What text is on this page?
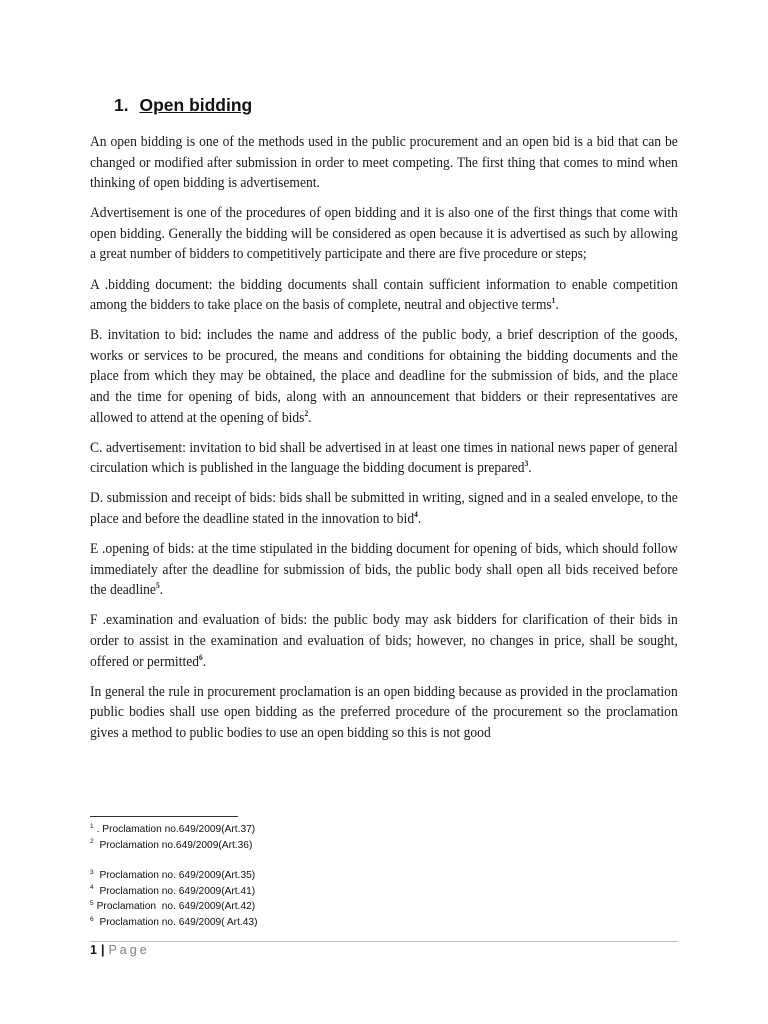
1. Open bidding

An open bidding is one of the methods used in the public procurement and an open bid is a bid that can be changed or modified after submission in order to meet competing. The first thing that comes to mind when thinking of open bidding is advertisement.

Advertisement is one of the procedures of open bidding and it is also one of the first things that come with open bidding. Generally the bidding will be considered as open because it is advertised as such by allowing a great number of bidders to competitively participate and there are five procedure or steps;

A .bidding document: the bidding documents shall contain sufficient information to enable competition among the bidders to take place on the basis of complete, neutral and objective terms$^1$.

B. invitation to bid: includes the name and address of the public body, a brief description of the goods, works or services to be procured, the means and conditions for obtaining the bidding documents and the place from which they may be obtained, the place and deadline for the submission of bids, and the place and the time for opening of bids, along with an announcement that bidders or their representatives are allowed to attend at the opening of bids$^2$.

C. advertisement: invitation to bid shall be advertised in at least one times in national news paper of general circulation which is published in the language the bidding document is prepared$^3$.

D. submission and receipt of bids: bids shall be submitted in writing, signed and in a sealed envelope, to the place and before the deadline stated in the innovation to bid$^4$.

E .opening of bids: at the time stipulated in the bidding document for opening of bids, which should follow immediately after the deadline for submission of bids, the public body shall open all bids received before the deadline$^5$.

F .examination and evaluation of bids: the public body may ask bidders for clarification of their bids in order to assist in the examination and evaluation of bids; however, no changes in price, shall be sought, offered or permitted$^6$.

In general the rule in procurement proclamation is an open bidding because as provided in the proclamation public bodies shall use open bidding as the preferred procedure of the procurement so the proclamation gives a method to public bodies to use an open bidding so this is not good

$^1$ . Proclamation no.649/2009(Art.37)
$^2$ Proclamation no.649/2009(Art.36)
$^3$ Proclamation no. 649/2009(Art.35)
$^4$ Proclamation no. 649/2009(Art.41)
$^5$ Proclamation  no. 649/2009(Art.42)
$^6$ Proclamation no. 649/2009( Art.43)
1 | Page
